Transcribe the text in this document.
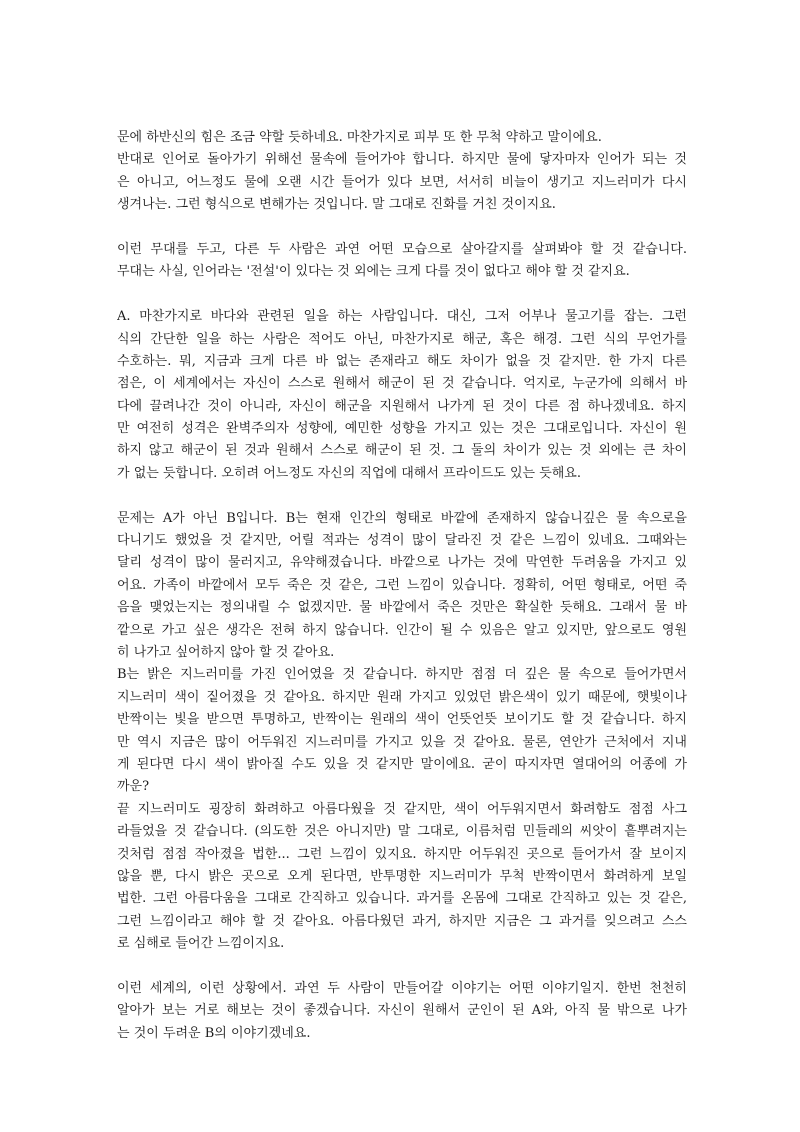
문에 하반신의 힘은 조금 약할 듯하네요. 마찬가지로 피부 또 한 무척 약하고 말이에요.
반대로 인어로 돌아가기 위해선 물속에 들어가야 합니다. 하지만 물에 닿자마자 인어가 되는 것
은 아니고, 어느정도 물에 오랜 시간 들어가 있다 보면, 서서히 비늘이 생기고 지느러미가 다시
생겨나는. 그런 형식으로 변해가는 것입니다. 말 그대로 진화를 거친 것이지요.
이런 무대를 두고, 다른 두 사람은 과연 어떤 모습으로 살아갈지를 살펴봐야 할 것 같습니다.
무대는 사실, 인어라는 '전설'이 있다는 것 외에는 크게 다를 것이 없다고 해야 할 것 같지요.
A. 마찬가지로 바다와 관련된 일을 하는 사람입니다. 대신, 그저 어부나 물고기를 잡는. 그런
식의 간단한 일을 하는 사람은 적어도 아닌, 마찬가지로 해군, 혹은 해경. 그런 식의 무언가를
수호하는. 뭐, 지금과 크게 다른 바 없는 존재라고 해도 차이가 없을 것 같지만. 한 가지 다른
점은, 이 세계에서는 자신이 스스로 원해서 해군이 된 것 같습니다. 억지로, 누군가에 의해서 바
다에 끌려나간 것이 아니라, 자신이 해군을 지원해서 나가게 된 것이 다른 점 하나겠네요. 하지
만 여전히 성격은 완벽주의자 성향에, 예민한 성향을 가지고 있는 것은 그대로입니다. 자신이 원
하지 않고 해군이 된 것과 원해서 스스로 해군이 된 것. 그 둘의 차이가 있는 것 외에는 큰 차이
가 없는 듯합니다. 오히려 어느정도 자신의 직업에 대해서 프라이드도 있는 듯해요.
문제는 A가 아닌 B입니다. B는 현재 인간의 형태로 바깥에 존재하지 않습니깊은 물 속으로을
다니기도 했었을 것 같지만, 어릴 적과는 성격이 많이 달라진 것 같은 느낌이 있네요. 그때와는
달리 성격이 많이 물러지고, 유약해졌습니다. 바깥으로 나가는 것에 막연한 두려움을 가지고 있
어요. 가족이 바깥에서 모두 죽은 것 같은, 그런 느낌이 있습니다. 정확히, 어떤 형태로, 어떤 죽
음을 맺었는지는 정의내릴 수 없겠지만. 물 바깥에서 죽은 것만은 확실한 듯해요. 그래서 물 바
깥으로 가고 싶은 생각은 전혀 하지 않습니다. 인간이 될 수 있음은 알고 있지만, 앞으로도 영원
히 나가고 싶어하지 않아 할 것 같아요.
B는 밝은 지느러미를 가진 인어였을 것 같습니다. 하지만 점점 더 깊은 물 속으로 들어가면서
지느러미 색이 짙어졌을 것 같아요. 하지만 원래 가지고 있었던 밝은색이 있기 때문에, 햇빛이나
반짝이는 빛을 받으면 투명하고, 반짝이는 원래의 색이 언뜻언뜻 보이기도 할 것 같습니다. 하지
만 역시 지금은 많이 어두워진 지느러미를 가지고 있을 것 같아요. 물론, 연안가 근처에서 지내
게 된다면 다시 색이 밝아질 수도 있을 것 같지만 말이에요. 굳이 따지자면 열대어의 어종에 가
까운?
끝 지느러미도 굉장히 화려하고 아름다웠을 것 같지만, 색이 어두워지면서 화려함도 점점 사그
라들었을 것 같습니다. (의도한 것은 아니지만) 말 그대로, 이름처럼 민들레의 씨앗이 흩뿌려지는
것처럼 점점 작아졌을 법한... 그런 느낌이 있지요. 하지만 어두워진 곳으로 들어가서 잘 보이지
않을 뿐, 다시 밝은 곳으로 오게 된다면, 반투명한 지느러미가 무척 반짝이면서 화려하게 보일
법한. 그런 아름다움을 그대로 간직하고 있습니다. 과거를 온몸에 그대로 간직하고 있는 것 같은,
그런 느낌이라고 해야 할 것 같아요. 아름다웠던 과거, 하지만 지금은 그 과거를 잊으려고 스스
로 심해로 들어간 느낌이지요.
이런 세계의, 이런 상황에서. 과연 두 사람이 만들어갈 이야기는 어떤 이야기일지. 한번 천천히
알아가 보는 거로 해보는 것이 좋겠습니다. 자신이 원해서 군인이 된 A와, 아직 물 밖으로 나가
는 것이 두려운 B의 이야기겠네요.
